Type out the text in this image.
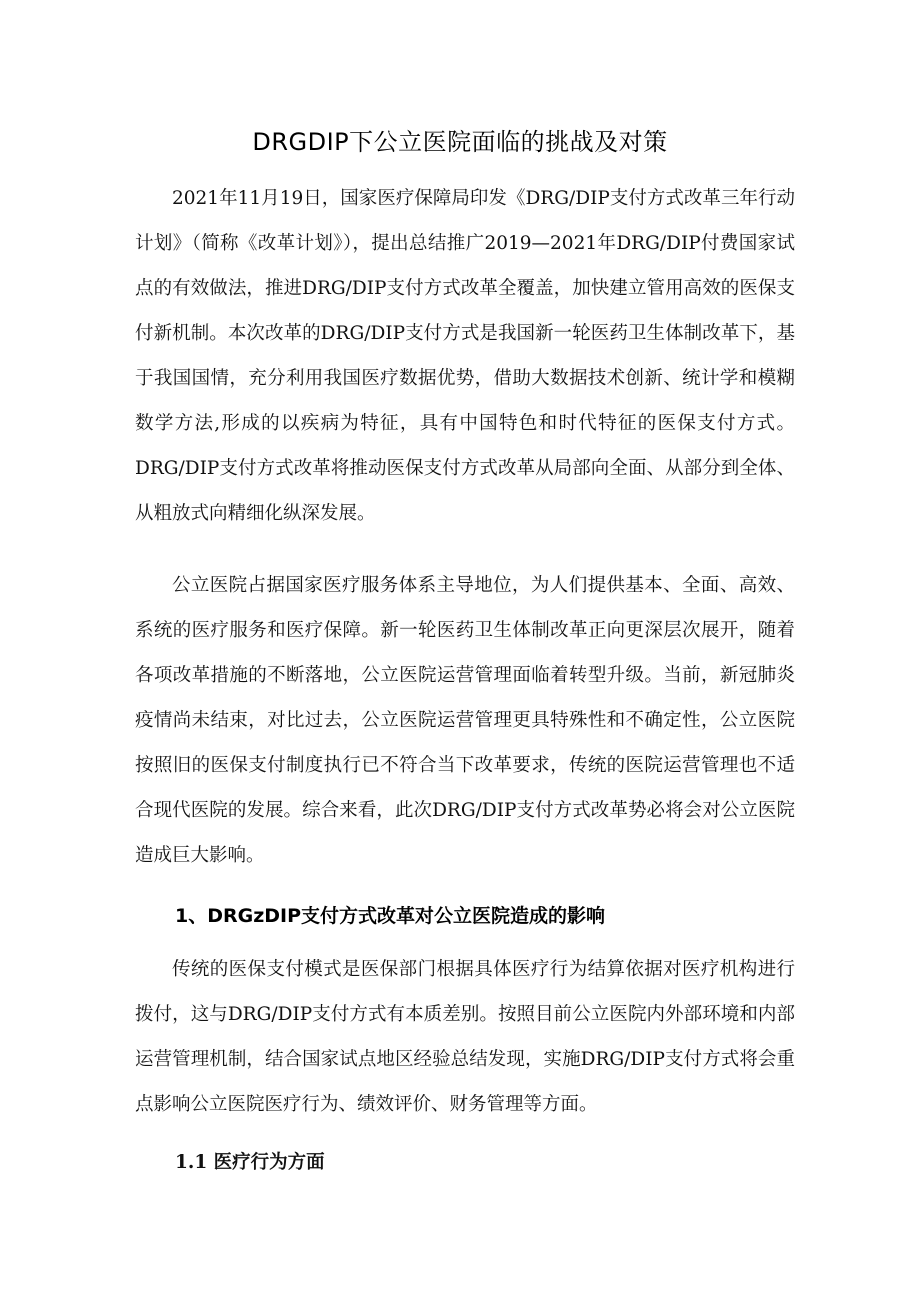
DRGDIP下公立医院面临的挑战及对策

2021年11月19日，国家医疗保障局印发《DRG/DIP支付方式改革三年行动计划》（简称《改革计划》），提出总结推广2019—2021年DRG/DIP付费国家试点的有效做法，推进DRG/DIP支付方式改革全覆盖，加快建立管用高效的医保支付新机制。本次改革的DRG/DIP支付方式是我国新一轮医药卫生体制改革下，基于我国国情，充分利用我国医疗数据优势，借助大数据技术创新、统计学和模糊数学方法,形成的以疾病为特征，具有中国特色和时代特征的医保支付方式。DRG/DIP支付方式改革将推动医保支付方式改革从局部向全面、从部分到全体、从粗放式向精细化纵深发展。

公立医院占据国家医疗服务体系主导地位，为人们提供基本、全面、高效、系统的医疗服务和医疗保障。新一轮医药卫生体制改革正向更深层次展开，随着各项改革措施的不断落地，公立医院运营管理面临着转型升级。当前，新冠肺炎疫情尚未结束，对比过去，公立医院运营管理更具特殊性和不确定性，公立医院按照旧的医保支付制度执行已不符合当下改革要求，传统的医院运营管理也不适合现代医院的发展。综合来看，此次DRG/DIP支付方式改革势必将会对公立医院造成巨大影响。

1、DRGzDIP支付方式改革对公立医院造成的影响

传统的医保支付模式是医保部门根据具体医疗行为结算依据对医疗机构进行拨付，这与DRG/DIP支付方式有本质差别。按照目前公立医院内外部环境和内部运营管理机制，结合国家试点地区经验总结发现，实施DRG/DIP支付方式将会重点影响公立医院医疗行为、绩效评价、财务管理等方面。

1.1 医疗行为方面
